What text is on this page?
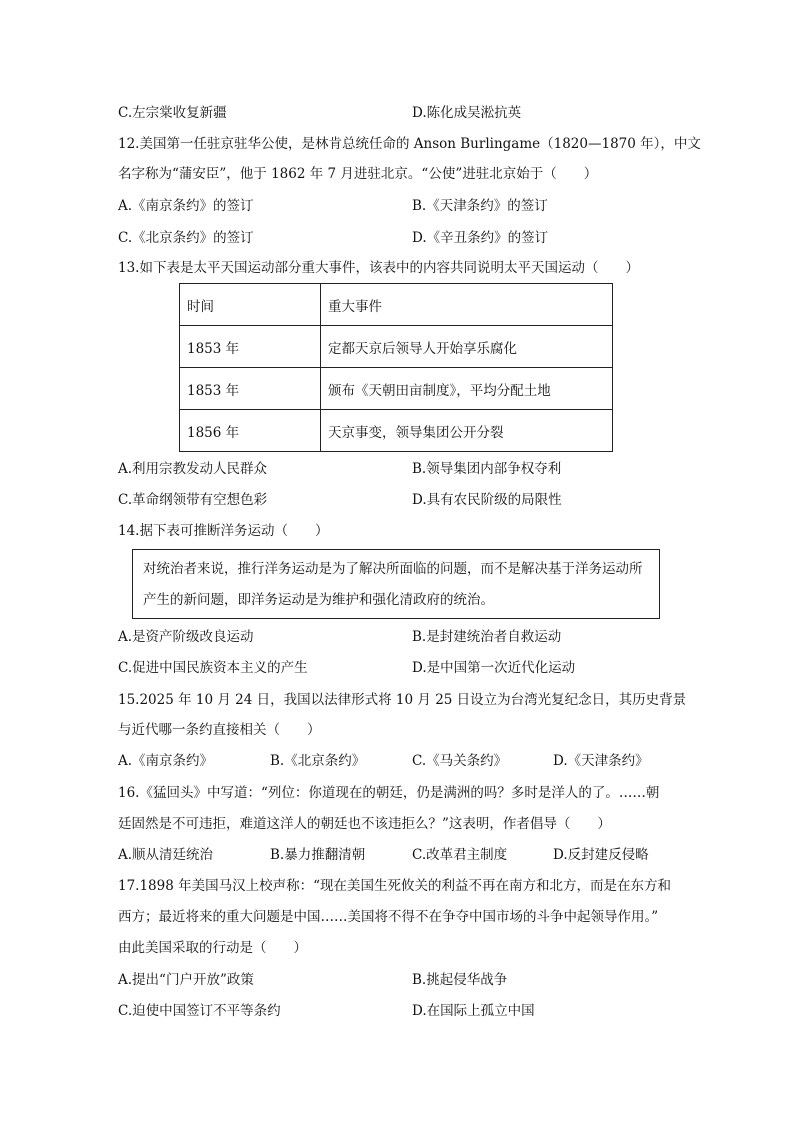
C.左宗棠收复新疆	D.陈化成吴淞抗英
12.美国第一任驻京驻华公使，是林肯总统任命的 Anson Burlingame（1820—1870 年），中文
名字称为“蒲安臣”，他于 1862 年 7 月进驻北京。“公使”进驻北京始于（　　）
A.《南京条约》的签订	B.《天津条约》的签订
C.《北京条约》的签订	D.《辛丑条约》的签订
13.如下表是太平天国运动部分重大事件，该表中的内容共同说明太平天国运动（　　）
时间	重大事件
1853 年	定都天京后领导人开始享乐腐化
1853 年	颁布《天朝田亩制度》，平均分配土地
1856 年	天京事变，领导集团公开分裂
A.利用宗教发动人民群众	B.领导集团内部争权夺利
C.革命纲领带有空想色彩	D.具有农民阶级的局限性
14.据下表可推断洋务运动（　　）
对统治者来说，推行洋务运动是为了解决所面临的问题，而不是解决基于洋务运动所
产生的新问题，即洋务运动是为维护和强化清政府的统治。
A.是资产阶级改良运动	B.是封建统治者自救运动
C.促进中国民族资本主义的产生	D.是中国第一次近代化运动
15.2025 年 10 月 24 日，我国以法律形式将 10 月 25 日设立为台湾光复纪念日，其历史背景
与近代哪一条约直接相关（　　）
A.《南京条约》	B.《北京条约》	C.《马关条约》	D.《天津条约》
16.《猛回头》中写道：“列位：你道现在的朝廷，仍是满洲的吗？多时是洋人的了。……朝
廷固然是不可违拒，难道这洋人的朝廷也不该违拒么？”这表明，作者倡导（　　）
A.顺从清廷统治	B.暴力推翻清朝	C.改革君主制度	D.反封建反侵略
17.1898 年美国马汉上校声称：“现在美国生死攸关的利益不再在南方和北方，而是在东方和
西方；最近将来的重大问题是中国……美国将不得不在争夺中国市场的斗争中起领导作用。”
由此美国采取的行动是（　　）
A.提出“门户开放”政策	B.挑起侵华战争
C.迫使中国签订不平等条约	D.在国际上孤立中国
